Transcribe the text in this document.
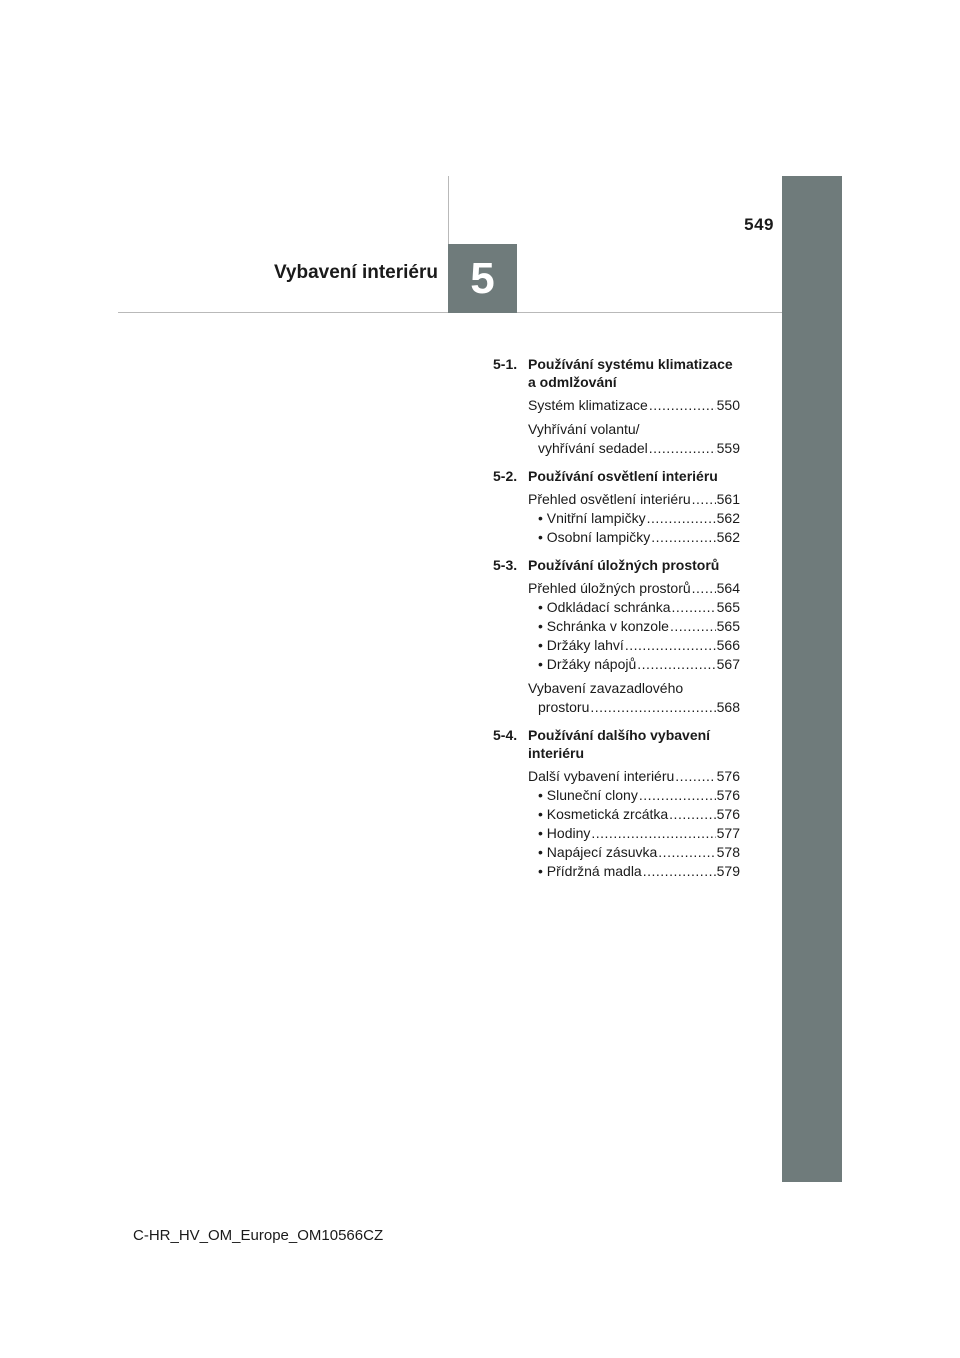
549
Vybavení interiéru 5
5-1. Používání systému klimatizace a odmlžování
Systém klimatizace .....	550
Vyhřívání volantu/
vyhřívání sedadel .....	559
5-2. Používání osvětlení interiéru
Přehled osvětlení interiéru ..... 561
• Vnitřní lampičky .....	562
• Osobní lampičky .....	562
5-3. Používání úložných prostorů
Přehled úložných prostorů ..... 564
• Odkládací schránka .....	565
• Schránka v konzole .....	565
• Držáky lahví .....	566
• Držáky nápojů .....	567
Vybavení zavazadlového
prostoru .....	568
5-4. Používání dalšího vybavení interiéru
Další vybavení interiéru .....	576
• Sluneční clony .....	576
• Kosmetická zrcátka .....	576
• Hodiny .....	577
• Napájecí zásuvka .....	578
• Přídržná madla .....	579
C-HR_HV_OM_Europe_OM10566CZ
